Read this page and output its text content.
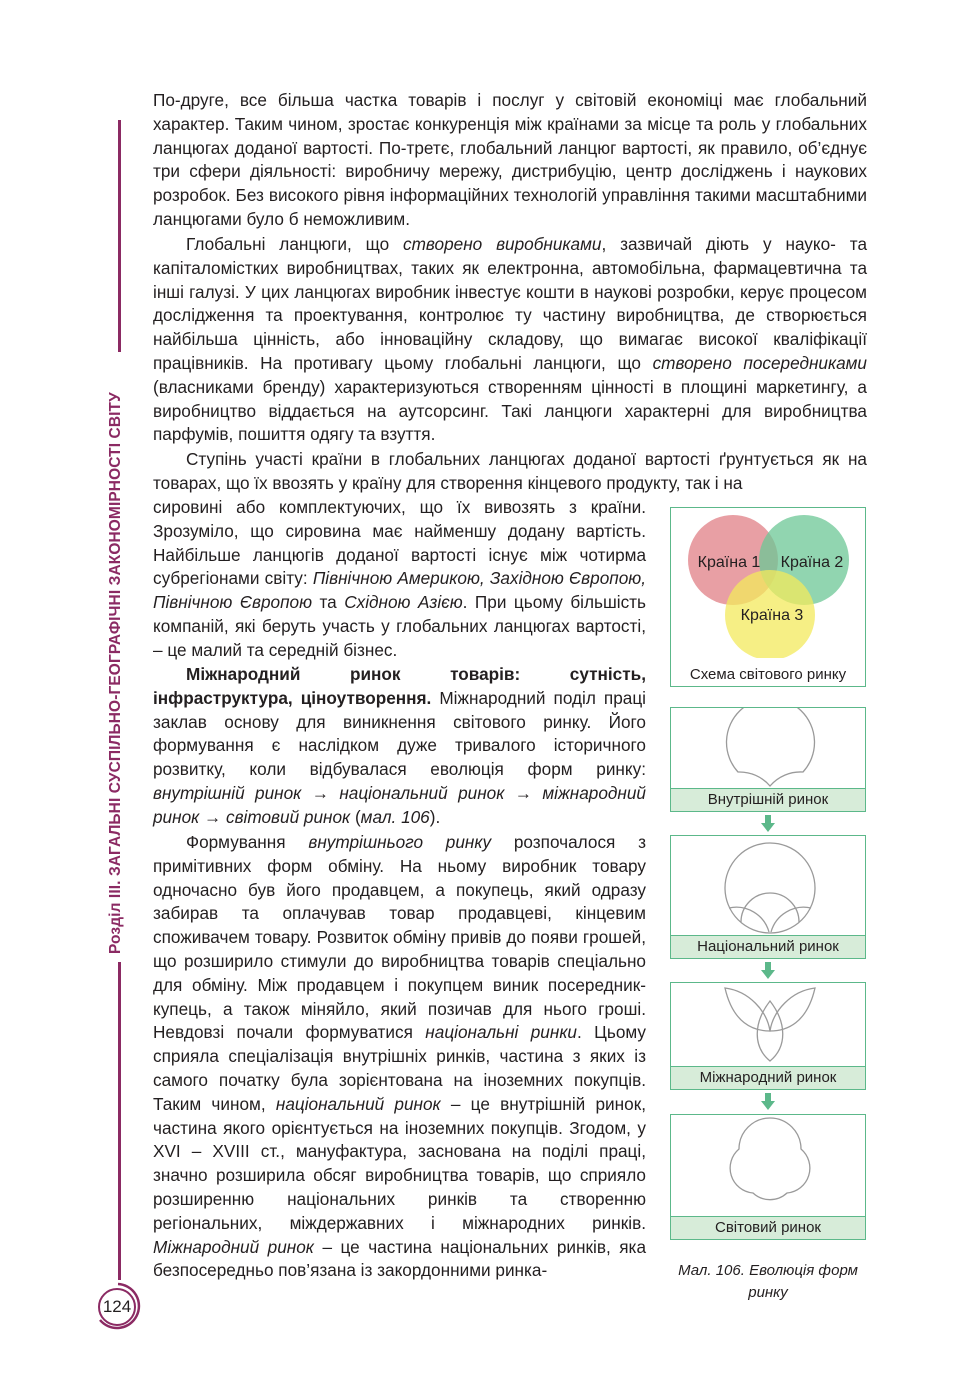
Розділ ІІІ. ЗАГАЛЬНІ СУСПІЛЬНО-ГЕОГРАФІЧНІ ЗАКОНОМІРНОСТІ СВІТУ
124

По-друге, все більша частка товарів і послуг у світовій економіці має глобальний характер. Таким чином, зростає конкуренція між країнами за місце та роль у глобальних ланцюгах доданої вартості. По-третє, глобальний ланцюг вартості, як правило, об’єднує три сфери діяльності: виробничу мережу, дистрибуцію, центр досліджень і наукових розробок. Без високого рівня інформаційних технологій управління такими масштабними ланцюгами було б неможливим.

Глобальні ланцюги, що створено виробниками, зазвичай діють у науко- та капіталомістких виробництвах, таких як електронна, автомобільна, фармацевтична та інші галузі. У цих ланцюгах виробник інвестує кошти в наукові розробки, керує процесом дослідження та проектування, контролює ту частину виробництва, де створюється найбільша цінність, або інноваційну складову, що вимагає високої кваліфікації працівників. На противагу цьому глобальні ланцюги, що створено посередниками (власниками бренду) характеризуються створенням цінності в площині маркетингу, а виробництво віддається на аутсорсинг. Такі ланцюги характерні для виробництва парфумів, пошиття одягу та взуття.

Ступінь участі країни в глобальних ланцюгах доданої вартості ґрунтується як на товарах, що їх ввозять у країну для створення кінцевого продукту, так і на

сировині або комплектуючих, що їх вивозять з країни. Зрозуміло, що сировина має найменшу додану вартість. Найбільше ланцюгів доданої вартості існує між чотирма субрегіонами світу: Північною Америкою, Західною Європою, Північною Європою та Східною Азією. При цьому більшість компаній, які беруть участь у глобальних ланцюгах вартості, – це малий та середній бізнес.

Міжнародний ринок товарів: сутність, інфраструктура, ціноутворення. Міжнародний поділ праці заклав основу для виникнення світового ринку. Його формування є наслідком дуже тривалого історичного розвитку, коли відбувалася еволюція форм ринку: внутрішній ринок → національний ринок → міжнародний ринок → світовий ринок (мал. 106).

Формування внутрішнього ринку розпочалося з примітивних форм обміну. На ньому виробник товару одночасно був його продавцем, а покупець, який одразу забирав та оплачував товар продавцеві, кінцевим споживачем товару. Розвиток обміну привів до появи грошей, що розширило стимули до виробництва товарів спеціально для обміну. Між продавцем і покупцем виник посередник-купець, а також міняйло, який позичав для нього гроші. Невдовзі почали формуватися національні ринки. Цьому сприяла спеціалізація внутрішніх ринків, частина з яких із самого початку була зорієнтована на іноземних покупців. Таким чином, національний ринок – це внутрішній ринок, частина якого орієнтується на іноземних покупців. Згодом, у XVI – XVIII ст., мануфактура, заснована на поділі праці, значно розширила обсяг виробництва товарів, що сприяло розширенню національних ринків та створенню регіональних, міждержавних і міжнародних ринків. Міжнародний ринок – це частина національних ринків, яка безпосередньо пов’язана із закордонними ринка-

Країна 1 Країна 2
Країна 3
Схема світового ринку
Внутрішній ринок
Національний ринок
Міжнародний ринок
Світовий ринок
Мал. 106. Еволюція форм ринку
